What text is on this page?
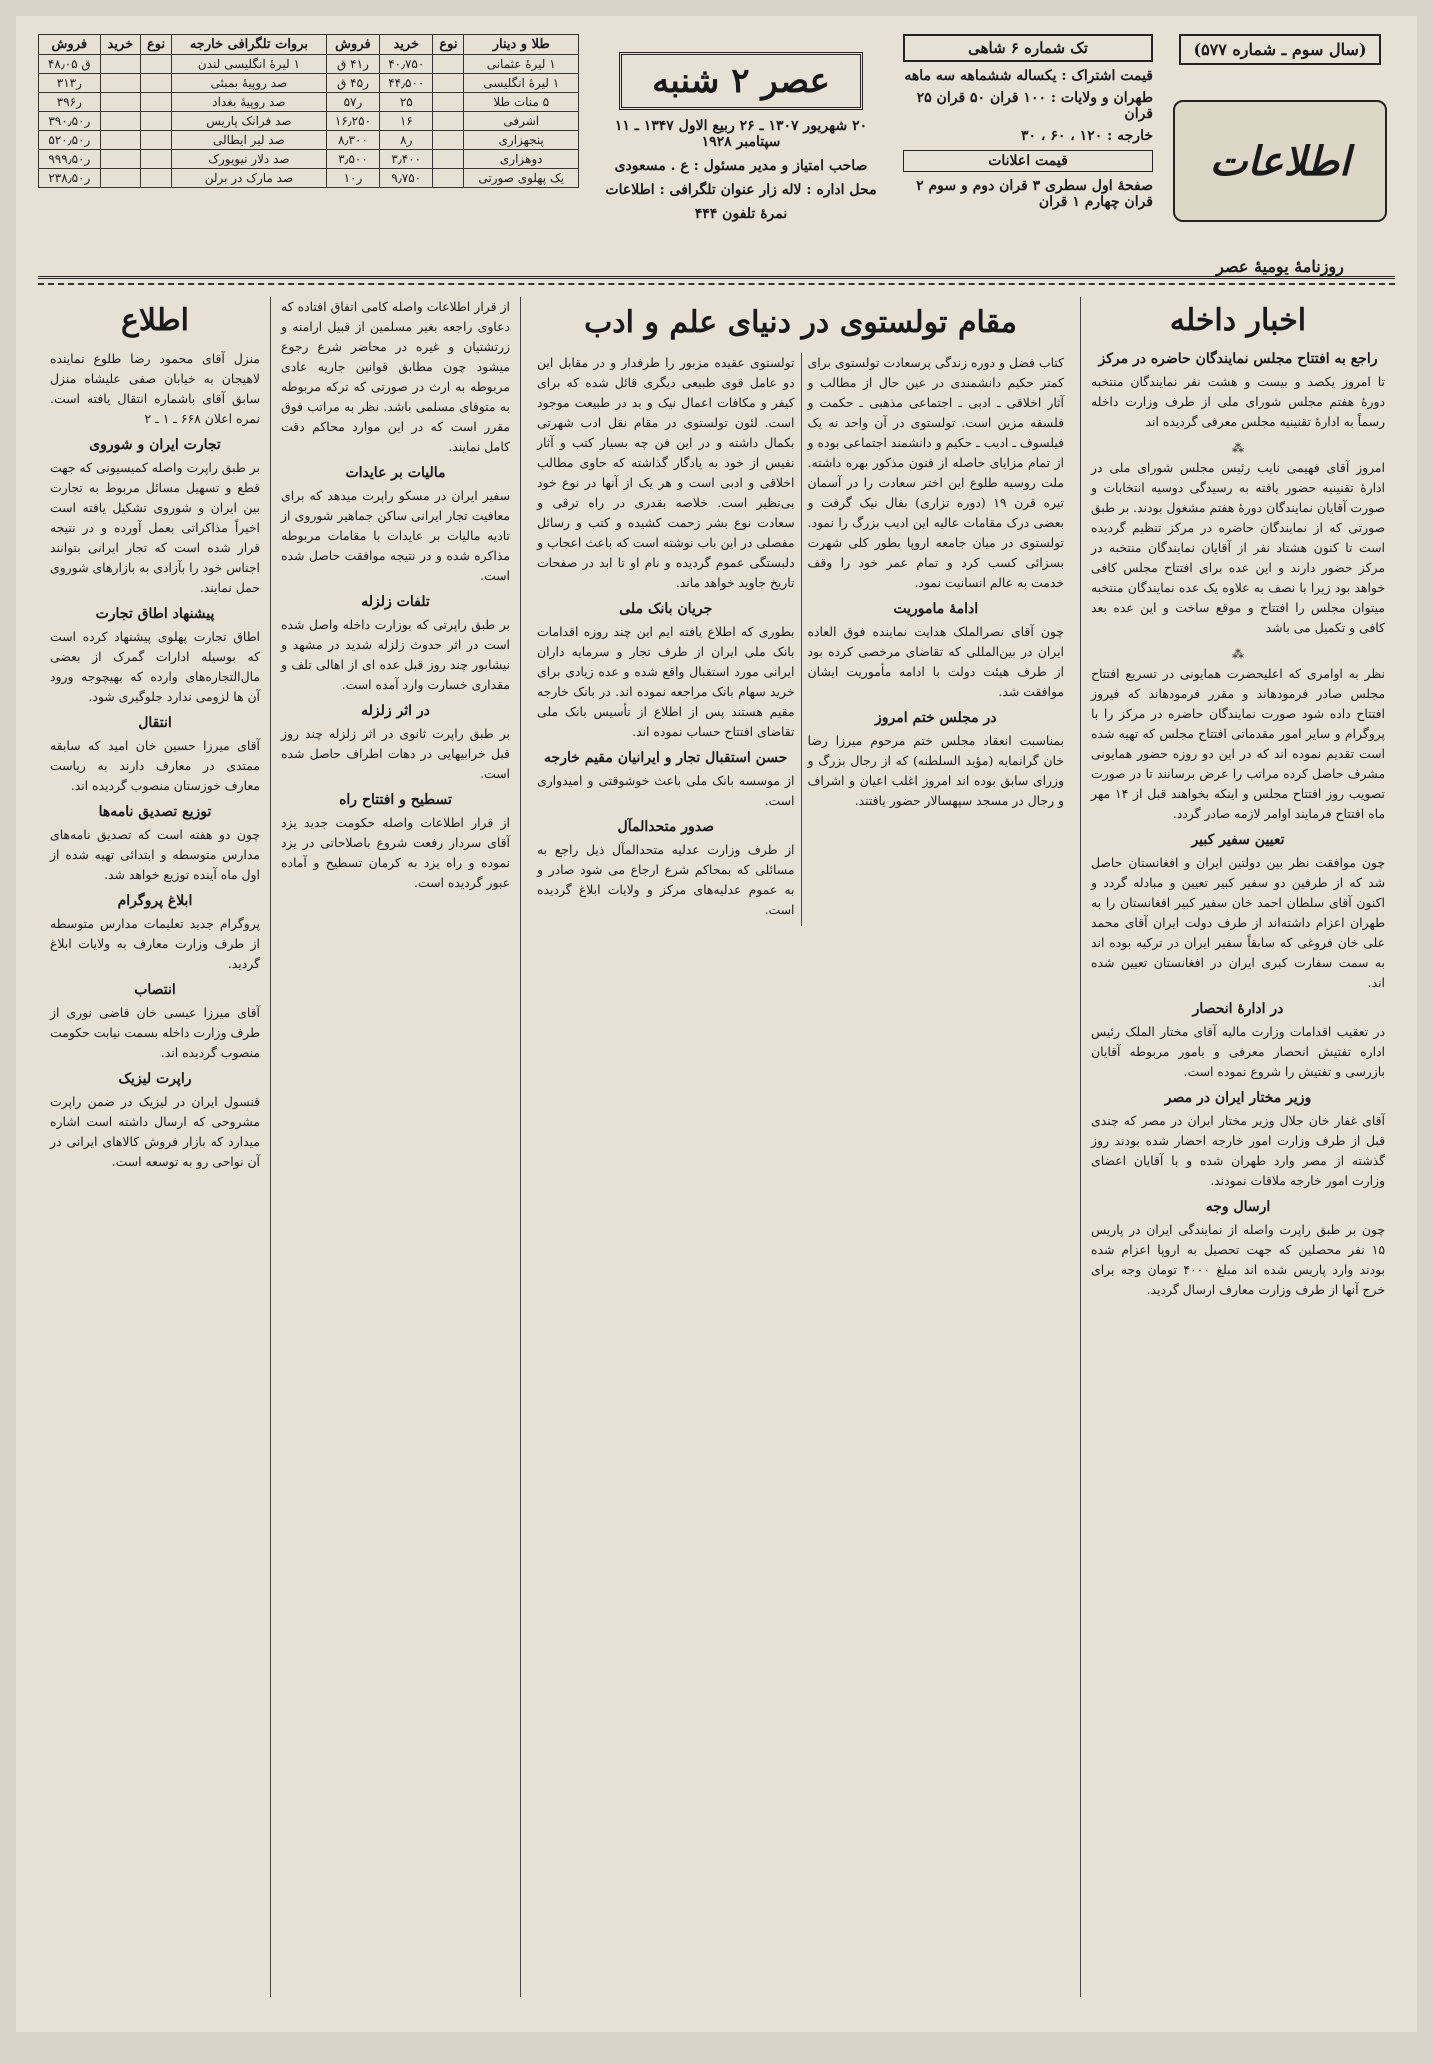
(سال سوم ـ شماره ۵۷۷)
اطلاعات
روزنامهٔ یومیهٔ عصر
تک شماره ۶ شاهی
قیمت اشتراک : یکساله ششماهه سه ماهه
طهران و ولایات : ۱۰۰ قران ۵۰ قران ۲۵ قران
خارجه : ۱۲۰ ، ۶۰ ، ۳۰
قیمت اعلانات
صفحهٔ اول سطری ۳ قران دوم و سوم ۲ قران چهارم ۱ قران
عصر ۲ شنبه
۲۰ شهریور ۱۳۰۷ ـ ۲۶ ربیع الاول ۱۳۴۷ ـ ۱۱ سپتامبر ۱۹۲۸
صاحب امتیاز و مدیر مسئول : ع . مسعودی
محل اداره : لاله زار عنوان تلگرافی : اطلاعات
نمرهٔ تلفون ۴۴۴
طلا و دینار	نوع	خرید	فروش	بروات تلگرافی خارجه	نوع	خرید	فروش
۱ لیرهٔ عثمانی		۴۰٫۷۵۰	ر۴۱ ق	۱ لیرهٔ انگلیسی لندن			ق ۴۸٫۰۵
۱ لیرهٔ انگلیسی		۴۴٫۵۰۰	ر۴۵ ق	صد روپیهٔ بمبئی			ر۳۱۳
۵ منات طلا		۲۵	ر۵۷	صد روپیهٔ بغداد			ر۳۹۶
اشرفی		۱۶	۱۶٫۲۵۰	صد فرانک پاریس			ر۳۹۰٫۵۰
پنجهزاری		ر۸	۸٫۳۰۰	صد لیر ایطالی			ر۵۲۰٫۵۰
دوهزاری		۳٫۴۰۰	۳٫۵۰۰	صد دلار نیویورک			ر۹۹۹٫۵۰
یک پهلوی صورتی		۹٫۷۵۰	ر۱۰	صد مارک در برلن			ر۲۳۸٫۵۰
اخبار داخله
راجع به افتتاح مجلس نمایندگان حاضره در مرکز

تا امروز یکصد و بیست و هشت نفر نمایندگان منتخبه دورهٔ هفتم مجلس شورای ملی از طرف وزارت داخله رسماً به ادارهٔ تقنینیه مجلس معرفی گردیده اند

⁂

امروز آقای فهیمی نایب رئیس مجلس شورای ملی در ادارهٔ تقنینیه حضور یافته به رسیدگی دوسیه انتخابات و صورت آقایان نمایندگان دورهٔ هفتم مشغول بودند. بر طبق صورتی که از نمایندگان حاضره در مرکز تنظیم گردیده است تا کنون هشتاد نفر از آقایان نمایندگان منتخبه در مرکز حضور دارند و این عده برای افتتاح مجلس کافی خواهد بود زیرا با نصف به علاوه یک عده نمایندگان منتخبه میتوان مجلس را افتتاح و موقع ساخت و این عده بعد کافی و تکمیل می باشد

⁂

نظر به اوامری که اعلیحضرت همایونی در تسریع افتتاح مجلس صادر فرمودهاند و مقرر فرمودهاند که فیروز افتتاح داده شود صورت نمایندگان حاضره در مرکز را با پروگرام و سایر امور مقدماتی افتتاح مجلس که تهیه شده است تقدیم نموده اند که در این دو روزه حضور همایونی مشرف حاصل کرده مراتب را عرض برسانند تا در صورت تصویب روز افتتاح مجلس و اینکه بخواهند قبل از ۱۴ مهر ماه افتتاح فرمایند اوامر لازمه صادر گردد.

تعیین سفیر کبیر

چون موافقت نظر بین دولتین ایران و افغانستان حاصل شد که از طرفین دو سفیر کبیر تعیین و مبادله گردد و اکنون آقای سلطان احمد خان سفیر کبیر افغانستان را به طهران اعزام داشته‌اند از طرف دولت ایران آقای محمد علی خان فروغی که سابقاً سفیر ایران در ترکیه بوده اند به سمت سفارت کبری ایران در افغانستان تعیین شده اند.

در ادارهٔ انحصار

در تعقیب اقدامات وزارت مالیه آقای مختار الملک رئیس اداره تفتیش انحصار معرفی و بامور مربوطه آقایان بازرسی و تفتیش را شروع نموده است.

وزیر مختار ایران در مصر

آقای غفار خان جلال وزیر مختار ایران در مصر که چندی قبل از طرف وزارت امور خارجه احضار شده بودند روز گذشته از مصر وارد طهران شده و با آقایان اعضای وزارت امور خارجه ملاقات نمودند.

ارسال وجه

چون بر طبق راپرت واصله از نمایندگی ایران در پاریس ۱۵ نفر محصلین که جهت تحصیل به اروپا اعزام شده بودند وارد پاریس شده اند مبلغ ۴۰۰۰ تومان وجه برای خرج آنها از طرف وزارت معارف ارسال گردید.

مقام تولستوی در دنیای علم و ادب

کتاب فضل و دوره زندگی پرسعادت تولستوی برای کمتر حکیم دانشمندی در عین حال از مطالب و آثار اخلاقی ـ ادبی ـ اجتماعی مذهبی ـ حکمت و فلسفه مزین است. تولستوی در آن واحد نه یک فیلسوف ـ ادیب ـ حکیم و دانشمند اجتماعی بوده و از تمام مزایای حاصله از فنون مذکور بهره داشته. ملت روسیه طلوع این اختر سعادت را در آسمان تیره قرن ۱۹ (دوره تزاری) بفال نیک گرفت و بعضی درک مقامات عالیه این ادیب بزرگ را نمود. تولستوی در میان جامعه اروپا بطور کلی شهرت بسزائی کسب کرد و تمام عمر خود را وقف خدمت به عالم انسانیت نمود.

ادامهٔ ماموریت

چون آقای نصرالملک هدایت نماینده فوق العاده ایران در بین‌المللی که تقاضای مرخصی کرده بود از طرف هیئت دولت با ادامه مأموریت ایشان موافقت شد.

در مجلس ختم امروز

بمناسبت انعقاد مجلس ختم مرحوم میرزا رضا خان گرانمایه (مؤید السلطنه) که از رجال بزرگ و وزرای سابق بوده اند امروز اغلب اعیان و اشراف و رجال در مسجد سپهسالار حضور یافتند.

تولستوی عقیده مزبور را طرفدار و در مقابل این دو عامل قوی طبیعی دیگری قائل شده که برای کیفر و مکافات اعمال نیک و بد در طبیعت موجود است. لئون تولستوی در مقام نقل ادب شهرتی بکمال داشته و در این فن چه بسیار کتب و آثار نفیس از خود به یادگار گذاشته که حاوی مطالب اخلاقی و ادبی است و هر یک از آنها در نوع خود بی‌نظیر است. خلاصه بقدری در راه ترقی و سعادت نوع بشر زحمت کشیده و کتب و رسائل مفصلی در این باب نوشته است که باعث اعجاب و دلبستگی عموم گردیده و نام او تا ابد در صفحات تاریخ جاوید خواهد ماند.

جریان بانک ملی

بطوری که اطلاع یافته ایم این چند روزه اقدامات بانک ملی ایران از طرف تجار و سرمایه داران ایرانی مورد استقبال واقع شده و عده زیادی برای خرید سهام بانک مراجعه نموده اند. در بانک خارجه مقیم هستند پس از اطلاع از تأسیس بانک ملی تقاضای افتتاح حساب نموده اند.

حسن استقبال تجار و ایرانیان مقیم خارجه

از موسسه بانک ملی باعث خوشوقتی و امیدواری است.

صدور متحدالمآل

از طرف وزارت عدلیه متحدالمآل ذیل راجع به مسائلی که بمحاکم شرع ارجاع می شود صادر و به عموم عدلیه‌های مرکز و ولایات ابلاغ گردیده است.

از قرار اطلاعات واصله کامی اتفاق افتاده که دعاوی راجعه بغیر مسلمین از قبیل ارامنه و زرتشتیان و غیره در محاضر شرع رجوع میشود چون مطابق قوانین جاریه عادی مربوطه به ارث در صورتی که ترکه مربوطه به متوفای مسلمی باشد. نظر به مراتب فوق مقرر است که در این موارد محاکم دقت کامل نمایند.

مالیات بر عایدات

سفیر ایران در مسکو راپرت میدهد که برای معافیت تجار ایرانی ساکن جماهیر شوروی از تادیه مالیات بر عایدات با مقامات مربوطه مذاکره شده و در نتیجه موافقت حاصل شده است.

تلفات زلزله

بر طبق راپرتی که بوزارت داخله واصل شده است در اثر حدوث زلزله شدید در مشهد و نیشابور چند روز قبل عده ای از اهالی تلف و مقداری خسارت وارد آمده است.

در اثر زلزله

بر طبق راپرت ثانوی در اثر زلزله چند روز قبل خرابیهایی در دهات اطراف حاصل شده است.

تسطیح و افتتاح راه

از قرار اطلاعات واصله حکومت جدید یزد آقای سردار رفعت شروع باصلاحاتی در یزد نموده و راه یزد به کرمان تسطیح و آماده عبور گردیده است.

اطلاع

منزل آقای محمود رضا طلوع نماینده لاهیجان به خیابان صفی علیشاه منزل سابق آقای باشماره انتقال یافته است. نمره اعلان ۶۶۸ ـ ۱ ـ ۲

تجارت ایران و شوروی

بر طبق راپرت واصله کمیسیونی که جهت قطع و تسهیل مسائل مربوط به تجارت بین ایران و شوروی تشکیل یافته است اخیراً مذاکراتی بعمل آورده و در نتیجه قرار شده است که تجار ایرانی بتوانند اجناس خود را بآزادی به بازارهای شوروی حمل نمایند.

پیشنهاد اطاق تجارت

اطاق تجارت پهلوی پیشنهاد کرده است که بوسیله ادارات گمرک از بعضی مال‌التجاره‌های وارده که بهیچوجه ورود آن ها لزومی ندارد جلوگیری شود.

انتقال

آقای میرزا حسین خان امید که سابقه ممتدی در معارف دارند به ریاست معارف خوزستان منصوب گردیده اند.

توزیع تصدیق نامه‌ها

چون دو هفته است که تصدیق نامه‌های مدارس متوسطه و ابتدائی تهیه شده از اول ماه آینده توزیع خواهد شد.

ابلاغ پروگرام

پروگرام جدید تعلیمات مدارس متوسطه از طرف وزارت معارف به ولایات ابلاغ گردید.

انتصاب

آقای میرزا عیسی خان قاضی نوری از طرف وزارت داخله بسمت نیابت حکومت منصوب گردیده اند.

راپرت لیزیک

قنسول ایران در لیزیک در ضمن راپرت مشروحی که ارسال داشته است اشاره میدارد که بازار فروش کالاهای ایرانی در آن نواحی رو به توسعه است.
